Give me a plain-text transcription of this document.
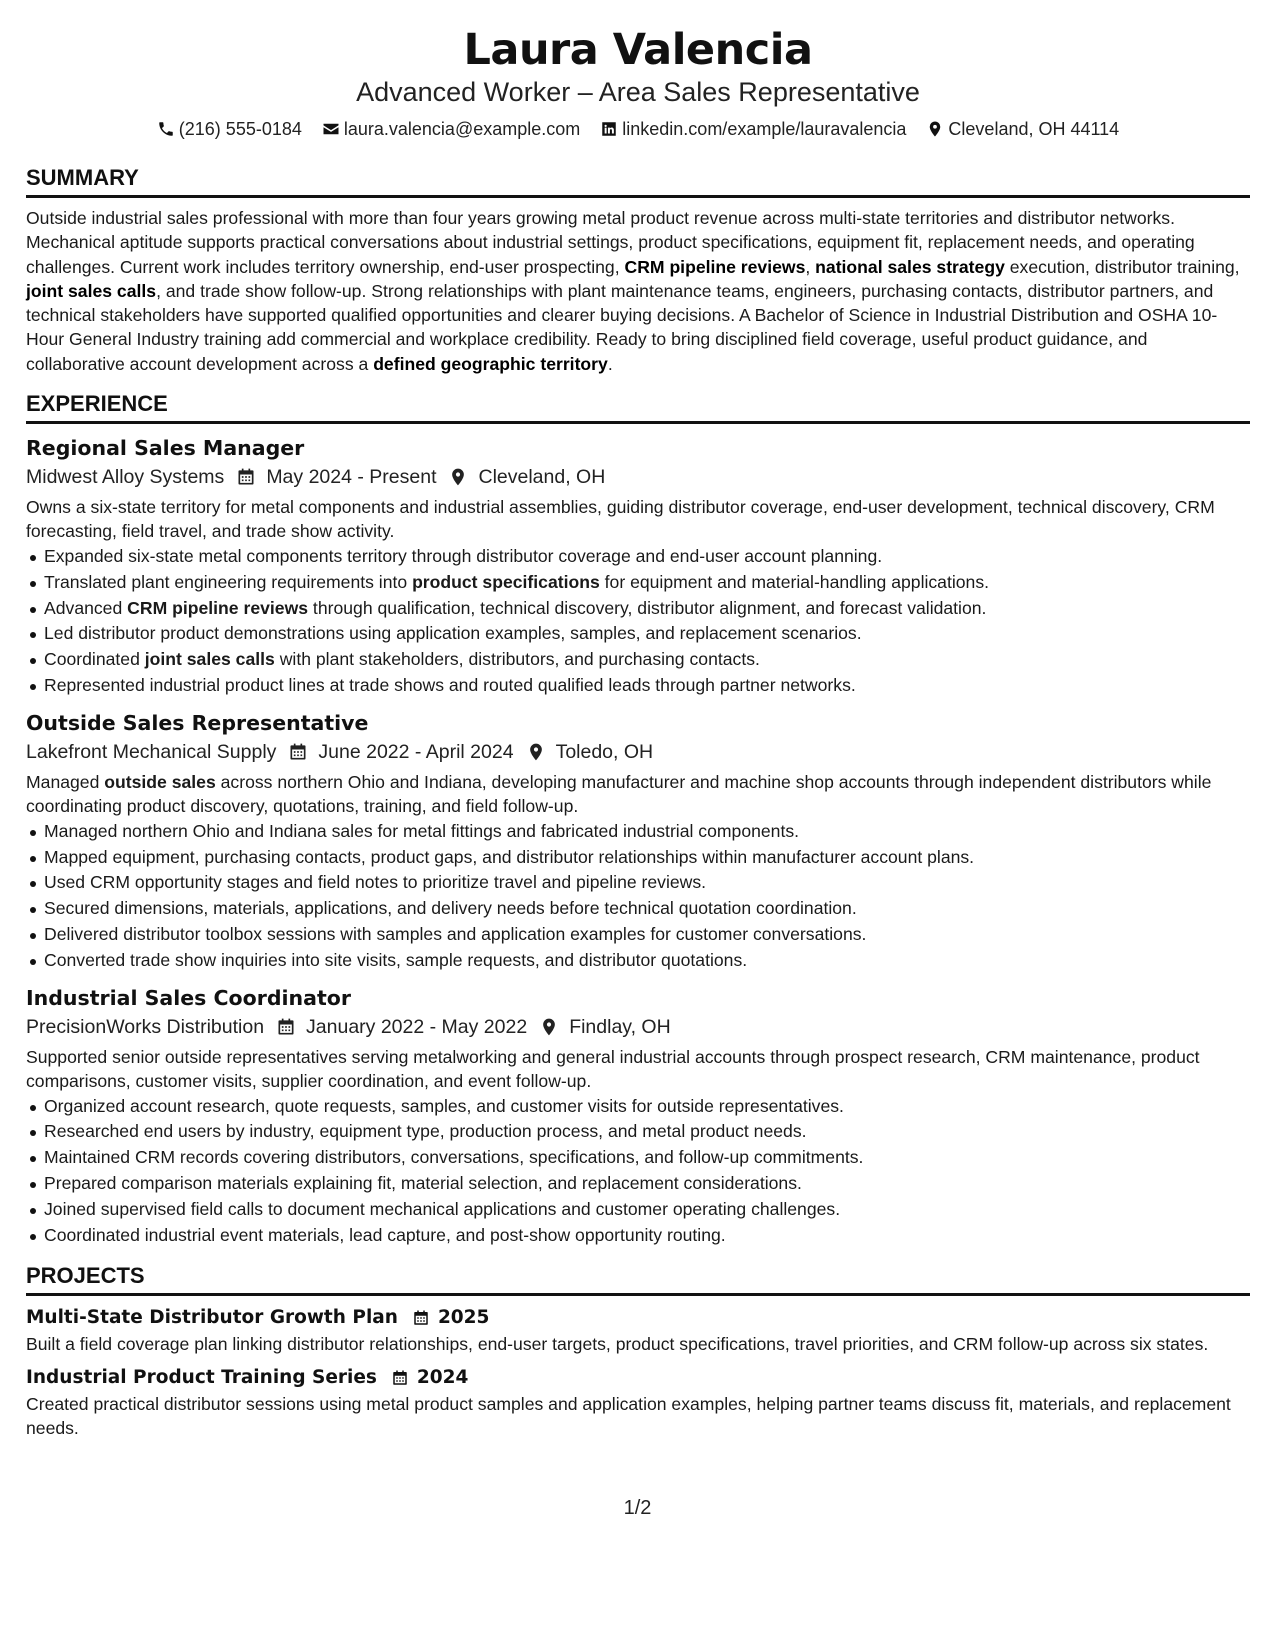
Laura Valencia
Advanced Worker – Area Sales Representative
(216) 555-0184 laura.valencia@example.com linkedin.com/example/lauravalencia Cleveland, OH 44114
SUMMARY

Outside industrial sales professional with more than four years growing metal product revenue across multi-state territories and distributor networks. Mechanical aptitude supports practical conversations about industrial settings, product specifications, equipment fit, replacement needs, and operating challenges. Current work includes territory ownership, end-user prospecting, CRM pipeline reviews, national sales strategy execution, distributor training, joint sales calls, and trade show follow-up. Strong relationships with plant maintenance teams, engineers, purchasing contacts, distributor partners, and technical stakeholders have supported qualified opportunities and clearer buying decisions. A Bachelor of Science in Industrial Distribution and OSHA 10-Hour General Industry training add commercial and workplace credibility. Ready to bring disciplined field coverage, useful product guidance, and collaborative account development across a defined geographic territory.

EXPERIENCE
Regional Sales Manager
Midwest Alloy Systems May 2024 - Present Cleveland, OH

Owns a six-state territory for metal components and industrial assemblies, guiding distributor coverage, end-user development, technical discovery, CRM forecasting, field travel, and trade show activity.

Expanded six-state metal components territory through distributor coverage and end-user account planning.
Translated plant engineering requirements into product specifications for equipment and material-handling applications.
Advanced CRM pipeline reviews through qualification, technical discovery, distributor alignment, and forecast validation.
Led distributor product demonstrations using application examples, samples, and replacement scenarios.
Coordinated joint sales calls with plant stakeholders, distributors, and purchasing contacts.
Represented industrial product lines at trade shows and routed qualified leads through partner networks.
Outside Sales Representative
Lakefront Mechanical Supply June 2022 - April 2024 Toledo, OH

Managed outside sales across northern Ohio and Indiana, developing manufacturer and machine shop accounts through independent distributors while coordinating product discovery, quotations, training, and field follow-up.

Managed northern Ohio and Indiana sales for metal fittings and fabricated industrial components.
Mapped equipment, purchasing contacts, product gaps, and distributor relationships within manufacturer account plans.
Used CRM opportunity stages and field notes to prioritize travel and pipeline reviews.
Secured dimensions, materials, applications, and delivery needs before technical quotation coordination.
Delivered distributor toolbox sessions with samples and application examples for customer conversations.
Converted trade show inquiries into site visits, sample requests, and distributor quotations.
Industrial Sales Coordinator
PrecisionWorks Distribution January 2022 - May 2022 Findlay, OH

Supported senior outside representatives serving metalworking and general industrial accounts through prospect research, CRM maintenance, product comparisons, customer visits, supplier coordination, and event follow-up.

Organized account research, quote requests, samples, and customer visits for outside representatives.
Researched end users by industry, equipment type, production process, and metal product needs.
Maintained CRM records covering distributors, conversations, specifications, and follow-up commitments.
Prepared comparison materials explaining fit, material selection, and replacement considerations.
Joined supervised field calls to document mechanical applications and customer operating challenges.
Coordinated industrial event materials, lead capture, and post-show opportunity routing.
PROJECTS
Multi-State Distributor Growth Plan 2025

Built a field coverage plan linking distributor relationships, end-user targets, product specifications, travel priorities, and CRM follow-up across six states.

Industrial Product Training Series 2024

Created practical distributor sessions using metal product samples and application examples, helping partner teams discuss fit, materials, and replacement needs.

1/2
